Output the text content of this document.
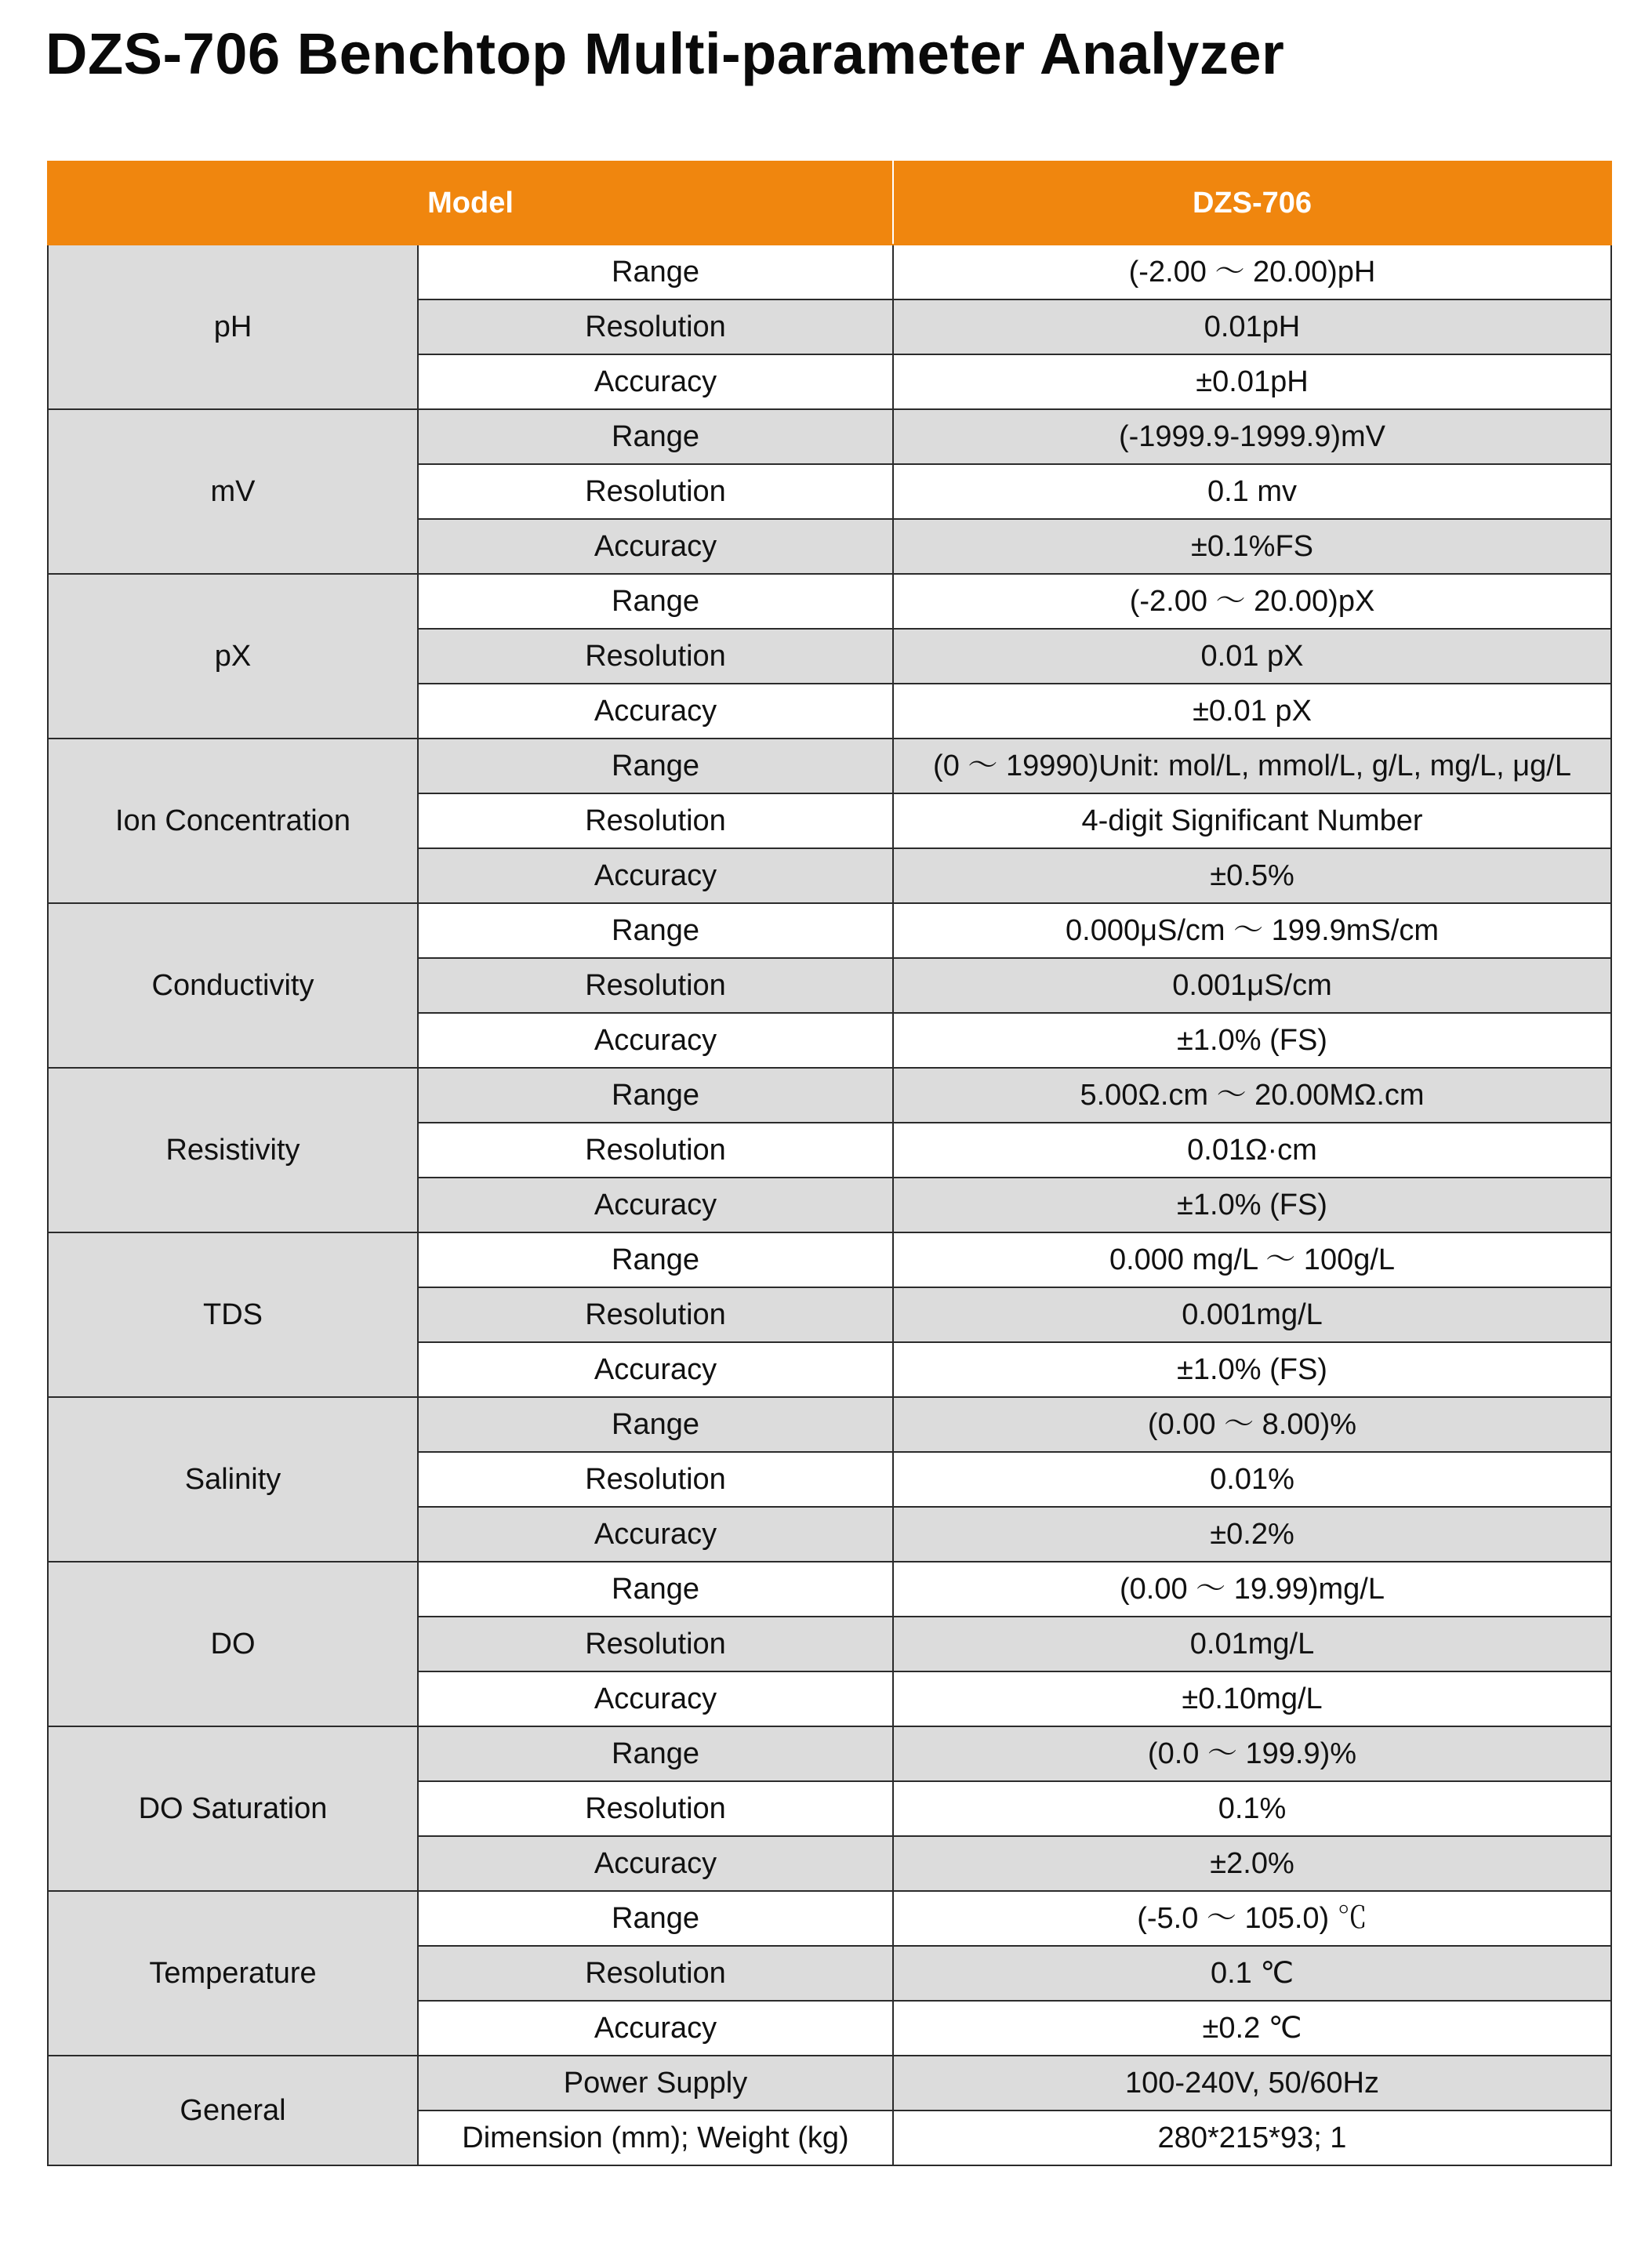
DZS-706 Benchtop Multi-parameter Analyzer
Model		DZS-706
pH	Range	(-2.00 ～ 20.00)pH
	Resolution	0.01pH
	Accuracy	±0.01pH
mV	Range	(-1999.9-1999.9)mV
	Resolution	0.1 mv
	Accuracy	±0.1%FS
pX	Range	(-2.00 ～ 20.00)pX
	Resolution	0.01 pX
	Accuracy	±0.01 pX
Ion Concentration	Range	(0 ～ 19990)Unit: mol/L, mmol/L, g/L, mg/L, μg/L
	Resolution	4-digit Significant Number
	Accuracy	±0.5%
Conductivity	Range	0.000μS/cm ～ 199.9mS/cm
	Resolution	0.001μS/cm
	Accuracy	±1.0% (FS)
Resistivity	Range	5.00Ω.cm ～ 20.00MΩ.cm
	Resolution	0.01Ω·cm
	Accuracy	±1.0% (FS)
TDS	Range	0.000 mg/L ～ 100g/L
	Resolution	0.001mg/L
	Accuracy	±1.0% (FS)
Salinity	Range	(0.00 ～ 8.00)%
	Resolution	0.01%
	Accuracy	±0.2%
DO	Range	(0.00 ～ 19.99)mg/L
	Resolution	0.01mg/L
	Accuracy	±0.10mg/L
DO Saturation	Range	(0.0 ～ 199.9)%
	Resolution	0.1%
	Accuracy	±2.0%
Temperature	Range	(-5.0 ～ 105.0) ℃
	Resolution	0.1 ℃
	Accuracy	±0.2 ℃
General	Power Supply	100-240V, 50/60Hz
	Dimension (mm); Weight (kg)	280*215*93; 1
